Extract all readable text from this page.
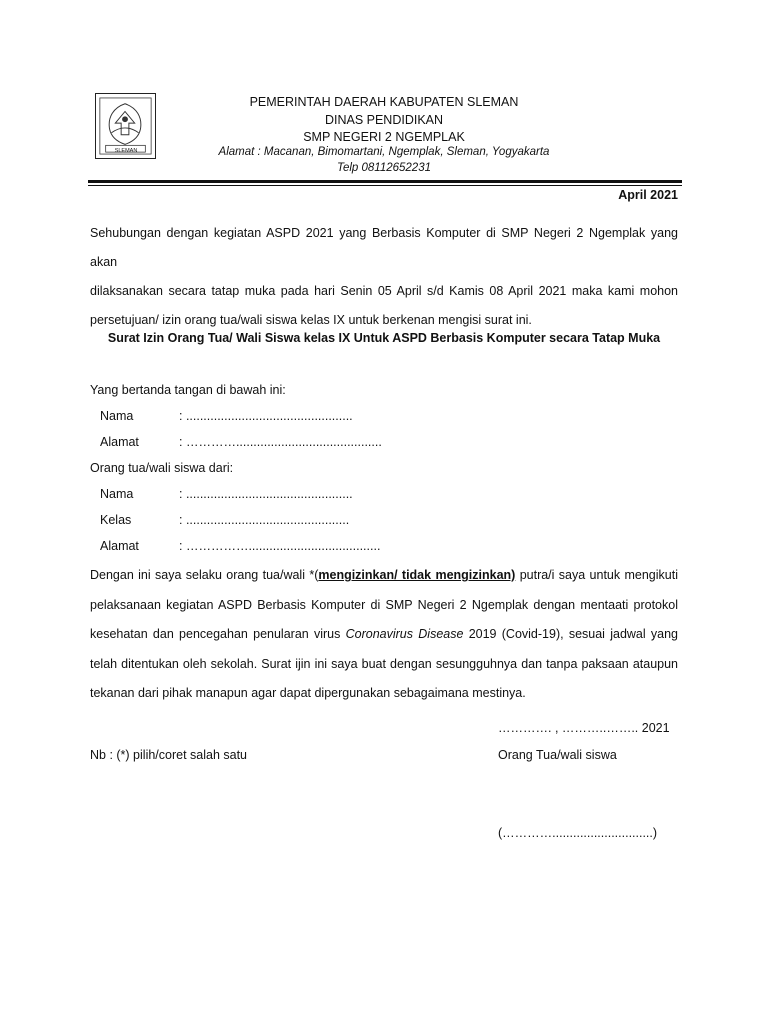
SLEMAN
PEMERINTAH DAERAH KABUPATEN SLEMAN
DINAS PENDIDIKAN
SMP NEGERI 2 NGEMPLAK
Alamat : Macanan, Bimomartani, Ngemplak, Sleman, Yogyakarta
Telp 08112652231
April 2021
Sehubungan dengan kegiatan ASPD 2021 yang Berbasis Komputer di SMP Negeri 2 Ngemplak yang akan
dilaksanakan secara tatap muka pada hari Senin 05 April s/d Kamis 08 April 2021 maka kami mohon
persetujuan/ izin orang tua/wali siswa kelas IX untuk berkenan mengisi surat ini.
Surat Izin Orang Tua/ Wali Siswa kelas IX Untuk ASPD Berbasis Komputer secara Tatap Muka
Yang bertanda tangan di bawah ini:
Nama	: ................................................
Alamat	: …………..........................................
Orang tua/wali siswa dari:
Nama	: ................................................
Kelas	: ...............................................
Alamat	: ……………......................................
Dengan ini saya selaku orang tua/wali *(mengizinkan/ tidak mengizinkan) putra/i saya untuk mengikuti
pelaksanaan kegiatan ASPD Berbasis Komputer di SMP Negeri 2 Ngemplak dengan mentaati protokol
kesehatan dan pencegahan penularan virus Coronavirus Disease 2019 (Covid-19), sesuai jadwal yang
telah ditentukan oleh sekolah. Surat ijin ini saya buat dengan sesungguhnya dan tanpa paksaan ataupun
tekanan dari pihak manapun agar dapat dipergunakan sebagaimana mestinya.
…………. , ………..…….. 2021
Orang Tua/wali siswa
(………….............................)
Nb : (*) pilih/coret salah satu
